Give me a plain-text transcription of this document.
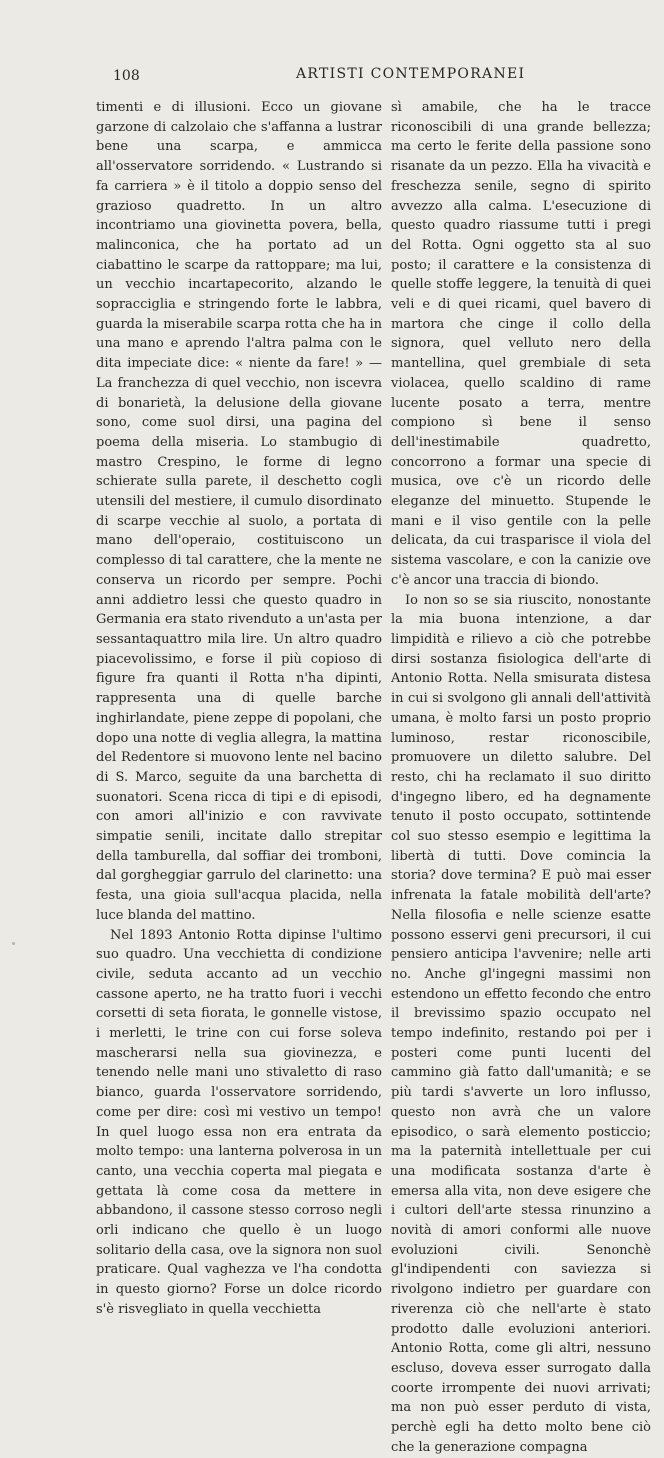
108	ARTISTI CONTEMPORANEI

timenti e di illusioni. Ecco un giovane garzone di calzolaio che s'affanna a lustrar bene una scarpa, e ammicca all'osservatore sorridendo. « Lustrando si fa carriera » è il titolo a doppio senso del grazioso quadretto. In un altro incontriamo una giovinetta povera, bella, malinconica, che ha portato ad un ciabattino le scarpe da rattoppare; ma lui, un vecchio incartapecorito, alzando le sopracciglia e stringendo forte le labbra, guarda la miserabile scarpa rotta che ha in una mano e aprendo l'altra palma con le dita impeciate dice: « niente da fare! » — La franchezza di quel vecchio, non iscevra di bonarietà, la delusione della giovane sono, come suol dirsi, una pagina del poema della miseria. Lo stambugio di mastro Crespino, le forme di legno schierate sulla parete, il deschetto cogli utensili del mestiere, il cumulo disordinato di scarpe vecchie al suolo, a portata di mano dell'operaio, costituiscono un complesso di tal carattere, che la mente ne conserva un ricordo per sempre. Pochi anni addietro lessi che questo quadro in Germania era stato rivenduto a un'asta per sessantaquattro mila lire. Un altro quadro piacevolissimo, e forse il più copioso di figure fra quanti il Rotta n'ha dipinti, rappresenta una di quelle barche inghirlandate, piene zeppe di popolani, che dopo una notte di veglia allegra, la mattina del Redentore si muovono lente nel bacino di S. Marco, seguite da una barchetta di suonatori. Scena ricca di tipi e di episodi, con amori all'inizio e con ravvivate simpatie senili, incitate dallo strepitar della tamburella, dal soffiar dei tromboni, dal gorgheggiar garrulo del clarinetto: una festa, una gioia sull'acqua placida, nella luce blanda del mattino.

Nel 1893 Antonio Rotta dipinse l'ultimo suo quadro. Una vecchietta di condizione civile, seduta accanto ad un vecchio cassone aperto, ne ha tratto fuori i vecchi corsetti di seta fiorata, le gonnelle vistose, i merletti, le trine con cui forse soleva mascherarsi nella sua giovinezza, e tenendo nelle mani uno stivaletto di raso bianco, guarda l'osservatore sorridendo, come per dire: così mi vestivo un tempo! In quel luogo essa non era entrata da molto tempo: una lanterna polverosa in un canto, una vecchia coperta mal piegata e gettata là come cosa da mettere in abbandono, il cassone stesso corroso negli orli indicano che quello è un luogo solitario della casa, ove la signora non suol praticare. Qual vaghezza ve l'ha condotta in questo giorno? Forse un dolce ricordo s'è risvegliato in quella vecchietta

sì amabile, che ha le tracce riconoscibili di una grande bellezza; ma certo le ferite della passione sono risanate da un pezzo. Ella ha vivacità e freschezza senile, segno di spirito avvezzo alla calma. L'esecuzione di questo quadro riassume tutti i pregi del Rotta. Ogni oggetto sta al suo posto; il carattere e la consistenza di quelle stoffe leggere, la tenuità di quei veli e di quei ricami, quel bavero di martora che cinge il collo della signora, quel velluto nero della mantellina, quel grembiale di seta violacea, quello scaldino di rame lucente posato a terra, mentre compiono sì bene il senso dell'inestimabile quadretto, concorrono a formar una specie di musica, ove c'è un ricordo delle eleganze del minuetto. Stupende le mani e il viso gentile con la pelle delicata, da cui traspariscе il viola del sistema vascolare, e con la canizie ove c'è ancor una traccia di biondo.

Io non so se sia riuscito, nonostante la mia buona intenzione, a dar limpidità e rilievo a ciò che potrebbe dirsi sostanza fisiologica dell'arte di Antonio Rotta. Nella smisurata distesa in cui si svolgono gli annali dell'attività umana, è molto farsi un posto proprio luminoso, restar riconoscibile, promuovere un diletto salubre. Del resto, chi ha reclamato il suo diritto d'ingegno libero, ed ha degnamente tenuto il posto occupato, sottintende col suo stesso esempio e legittima la libertà di tutti. Dove comincia la storia? dove termina? E può mai esser infrenata la fatale mobilità dell'arte? Nella filosofia e nelle scienze esatte possono esservi geni precursori, il cui pensiero anticipa l'avvenire; nelle arti no. Anche gl'ingegni massimi non estendono un effetto fecondo che entro il brevissimo spazio occupato nel tempo indefinito, restando poi per i posteri come punti lucenti del cammino già fatto dall'umanità; e se più tardi s'avverte un loro influsso, questo non avrà che un valore episodico, o sarà elemento posticcio; ma la paternità intellettuale per cui una modificata sostanza d'arte è emersa alla vita, non deve esigere che i cultori dell'arte stessa rinunzino a novità di amori conformi alle nuove evoluzioni civili. Senonchè gl'indipendenti con saviezza si rivolgono indietro per guardare con riverenza ciò che nell'arte è stato prodotto dalle evoluzioni anteriori. Antonio Rotta, come gli altri, nessuno escluso, doveva esser surrogato dalla coorte irrompente dei nuovi arrivati; ma non può esser perduto di vista, perchè egli ha detto molto bene ciò che la generazione compagna
